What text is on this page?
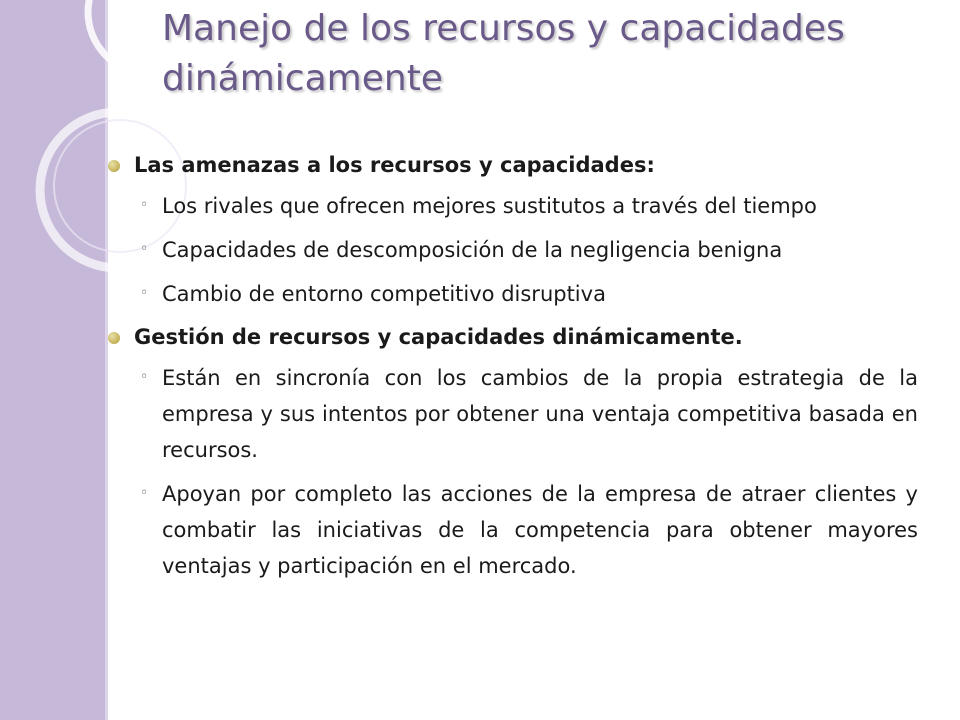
Manejo de los recursos y capacidades dinámicamente
Las amenazas a los recursos y capacidades:
◦ Los rivales que ofrecen mejores sustitutos a través del tiempo
◦ Capacidades de descomposición de la negligencia benigna
◦ Cambio de entorno competitivo disruptiva
Gestión de recursos y capacidades dinámicamente.
◦ Están en sincronía con los cambios de la propia estrategia de la empresa y sus intentos por obtener una ventaja competitiva basada en recursos.
◦ Apoyan por completo las acciones de la empresa de atraer clientes y combatir las iniciativas de la competencia para obtener mayores ventajas y participación en el mercado.
